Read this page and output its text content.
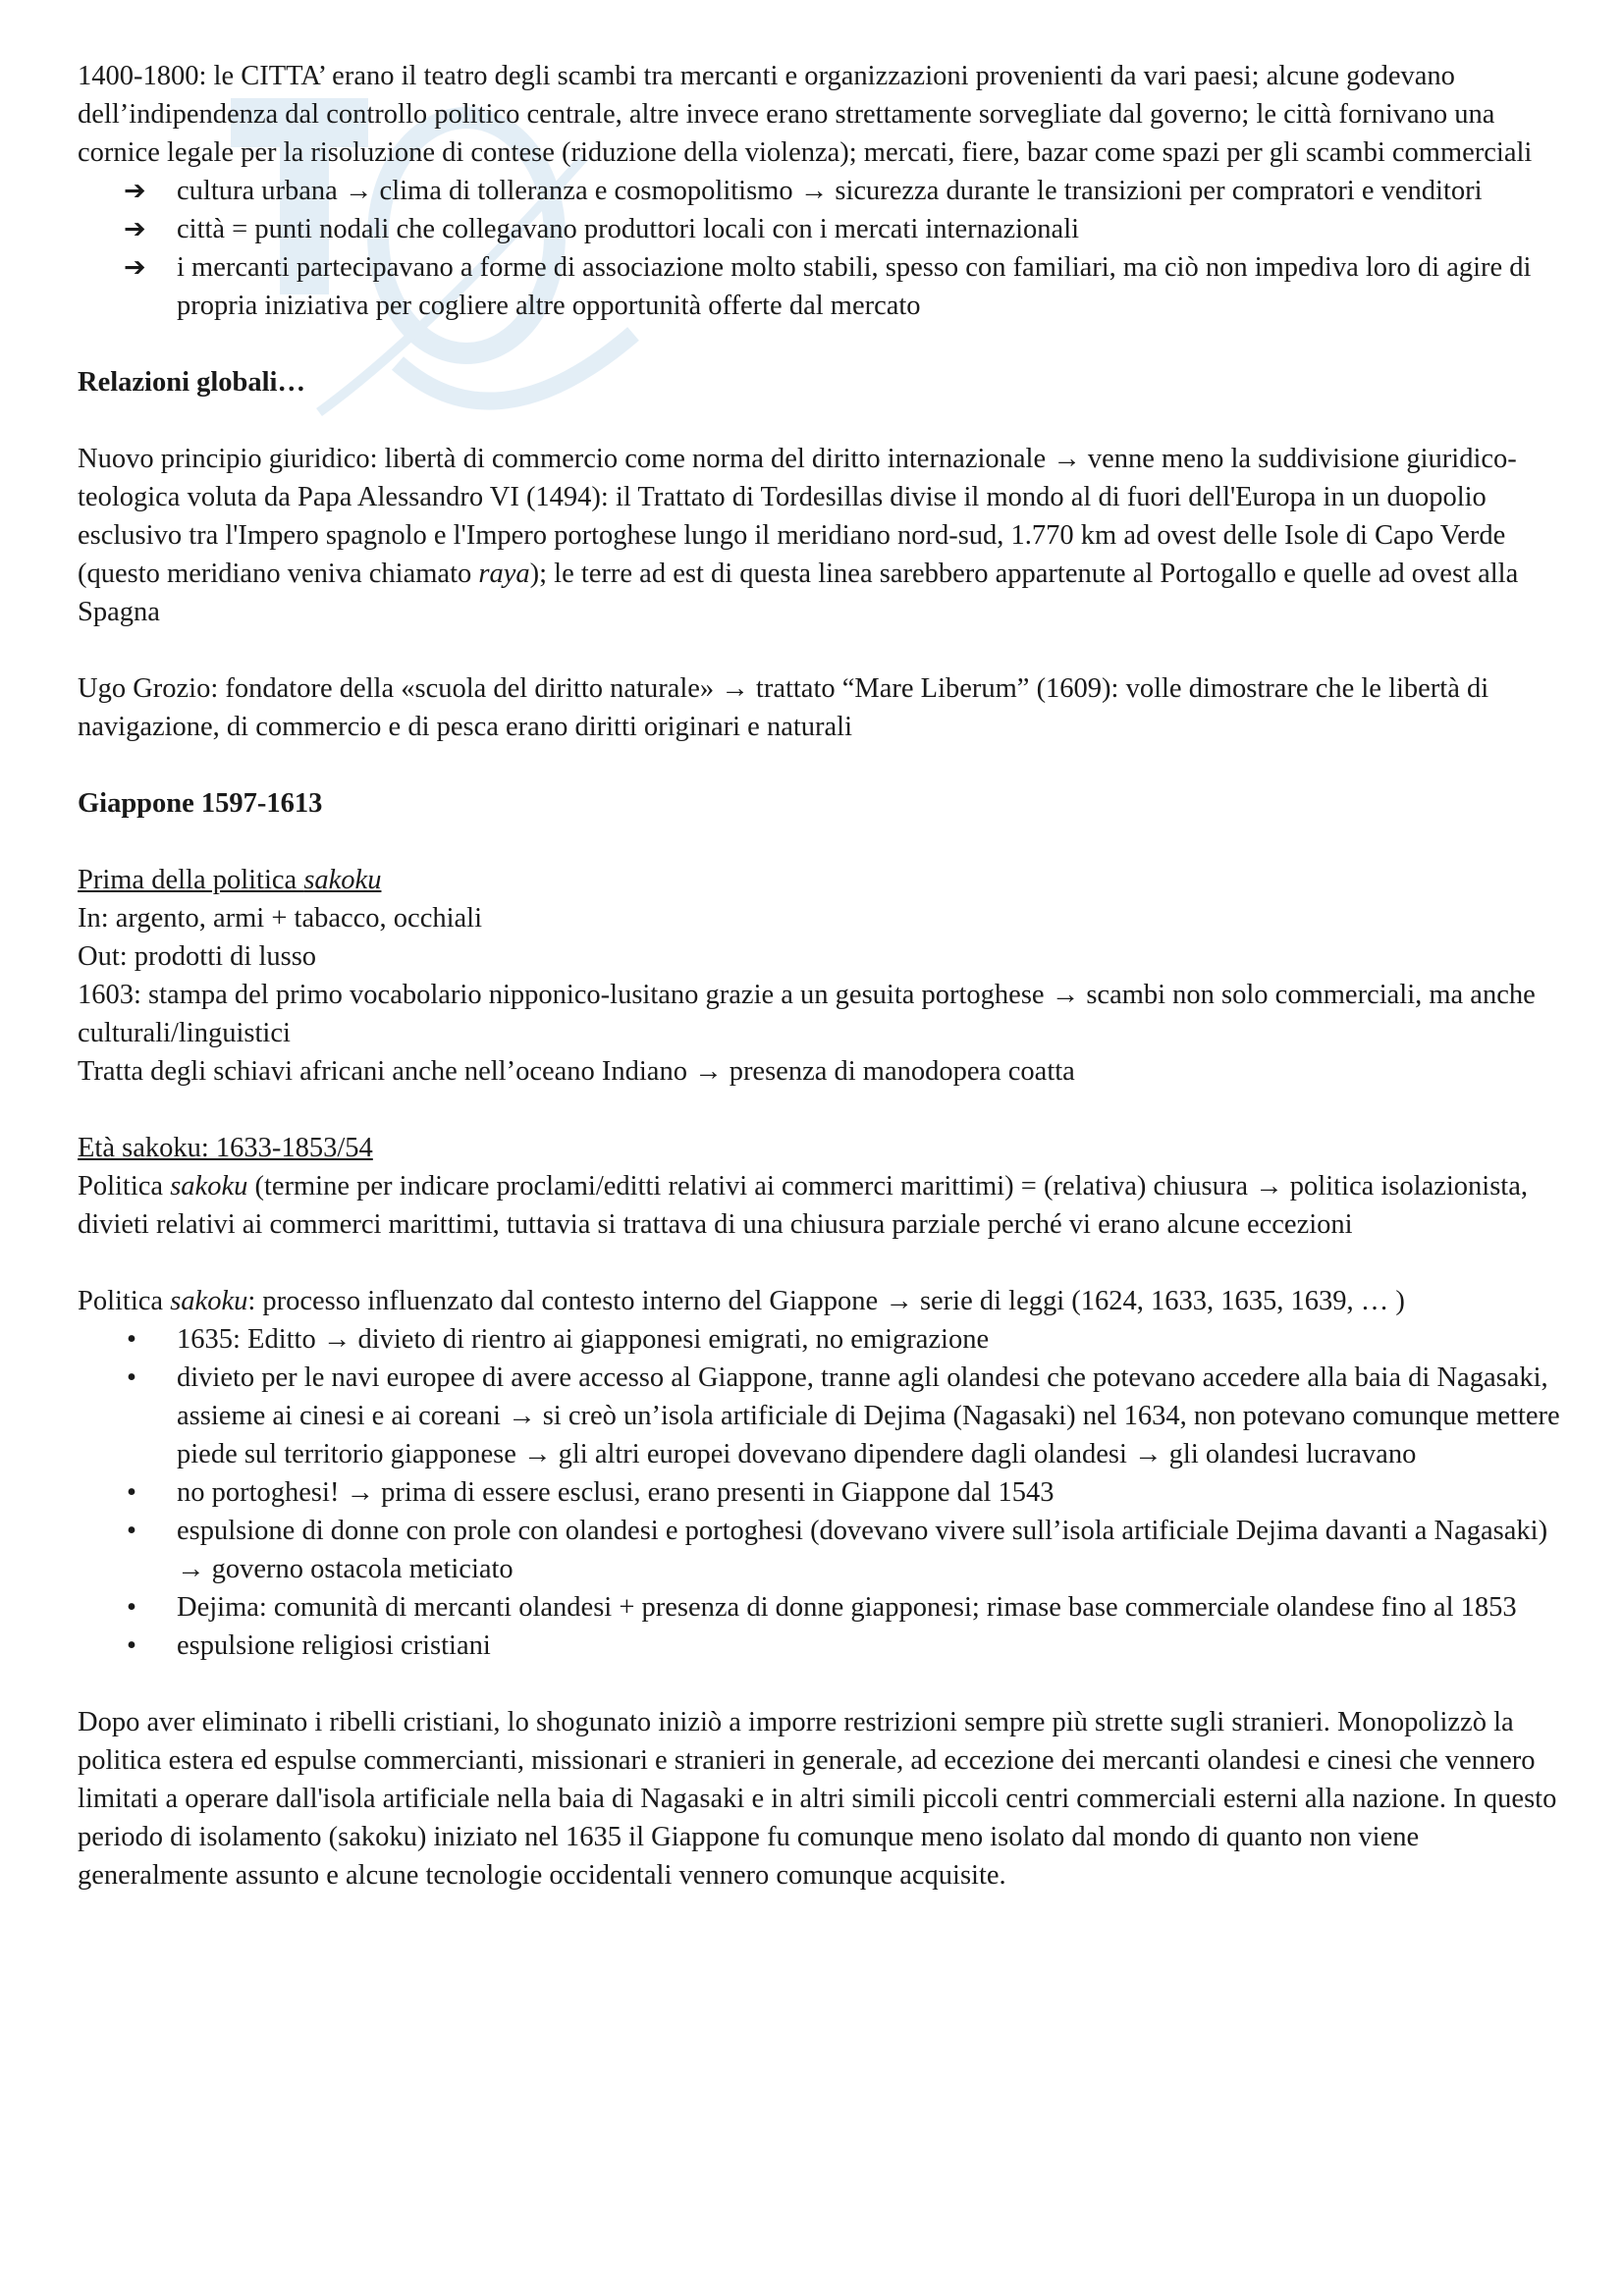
1400-1800: le CITTA’ erano il teatro degli scambi tra mercanti e organizzazioni provenienti da vari paesi; alcune godevano dell’indipendenza dal controllo politico centrale, altre invece erano strettamente sorvegliate dal governo; le città fornivano una cornice legale per la risoluzione di contese (riduzione della violenza); mercati, fiere, bazar come spazi per gli scambi commerciali

➔ cultura urbana → clima di tolleranza e cosmopolitismo → sicurezza durante le transizioni per compratori e venditori
➔ città = punti nodali che collegavano produttori locali con i mercati internazionali
➔ i mercanti partecipavano a forme di associazione molto stabili, spesso con familiari, ma ciò non impediva loro di agire di propria iniziativa per cogliere altre opportunità offerte dal mercato

Relazioni globali…

Nuovo principio giuridico: libertà di commercio come norma del diritto internazionale → venne meno la suddivisione giuridico-teologica voluta da Papa Alessandro VI (1494): il Trattato di Tordesillas divise il mondo al di fuori dell'Europa in un duopolio esclusivo tra l'Impero spagnolo e l'Impero portoghese lungo il meridiano nord-sud, 1.770 km ad ovest delle Isole di Capo Verde (questo meridiano veniva chiamato raya); le terre ad est di questa linea sarebbero appartenute al Portogallo e quelle ad ovest alla Spagna

Ugo Grozio: fondatore della «scuola del diritto naturale» → trattato “Mare Liberum” (1609): volle dimostrare che le libertà di navigazione, di commercio e di pesca erano diritti originari e naturali

Giappone 1597-1613

Prima della politica sakoku

In: argento, armi + tabacco, occhiali

Out: prodotti di lusso

1603: stampa del primo vocabolario nipponico-lusitano grazie a un gesuita portoghese → scambi non solo commerciali, ma anche culturali/linguistici

Tratta degli schiavi africani anche nell’oceano Indiano → presenza di manodopera coatta

Età sakoku: 1633-1853/54

Politica sakoku (termine per indicare proclami/editti relativi ai commerci marittimi) = (relativa) chiusura → politica isolazionista, divieti relativi ai commerci marittimi, tuttavia si trattava di una chiusura parziale perché vi erano alcune eccezioni

Politica sakoku: processo influenzato dal contesto interno del Giappone → serie di leggi (1624, 1633, 1635, 1639, … )

• 1635: Editto → divieto di rientro ai giapponesi emigrati, no emigrazione
• divieto per le navi europee di avere accesso al Giappone, tranne agli olandesi che potevano accedere alla baia di Nagasaki, assieme ai cinesi e ai coreani → si creò un’isola artificiale di Dejima (Nagasaki) nel 1634, non potevano comunque mettere piede sul territorio giapponese → gli altri europei dovevano dipendere dagli olandesi → gli olandesi lucravano
• no portoghesi! → prima di essere esclusi, erano presenti in Giappone dal 1543
• espulsione di donne con prole con olandesi e portoghesi (dovevano vivere sull’isola artificiale Dejima davanti a Nagasaki) → governo ostacola meticiato
• Dejima: comunità di mercanti olandesi + presenza di donne giapponesi; rimase base commerciale olandese fino al 1853
• espulsione religiosi cristiani

Dopo aver eliminato i ribelli cristiani, lo shogunato iniziò a imporre restrizioni sempre più strette sugli stranieri. Monopolizzò la politica estera ed espulse commercianti, missionari e stranieri in generale, ad eccezione dei mercanti olandesi e cinesi che vennero limitati a operare dall'isola artificiale nella baia di Nagasaki e in altri simili piccoli centri commerciali esterni alla nazione. In questo periodo di isolamento (sakoku) iniziato nel 1635 il Giappone fu comunque meno isolato dal mondo di quanto non viene generalmente assunto e alcune tecnologie occidentali vennero comunque acquisite.
